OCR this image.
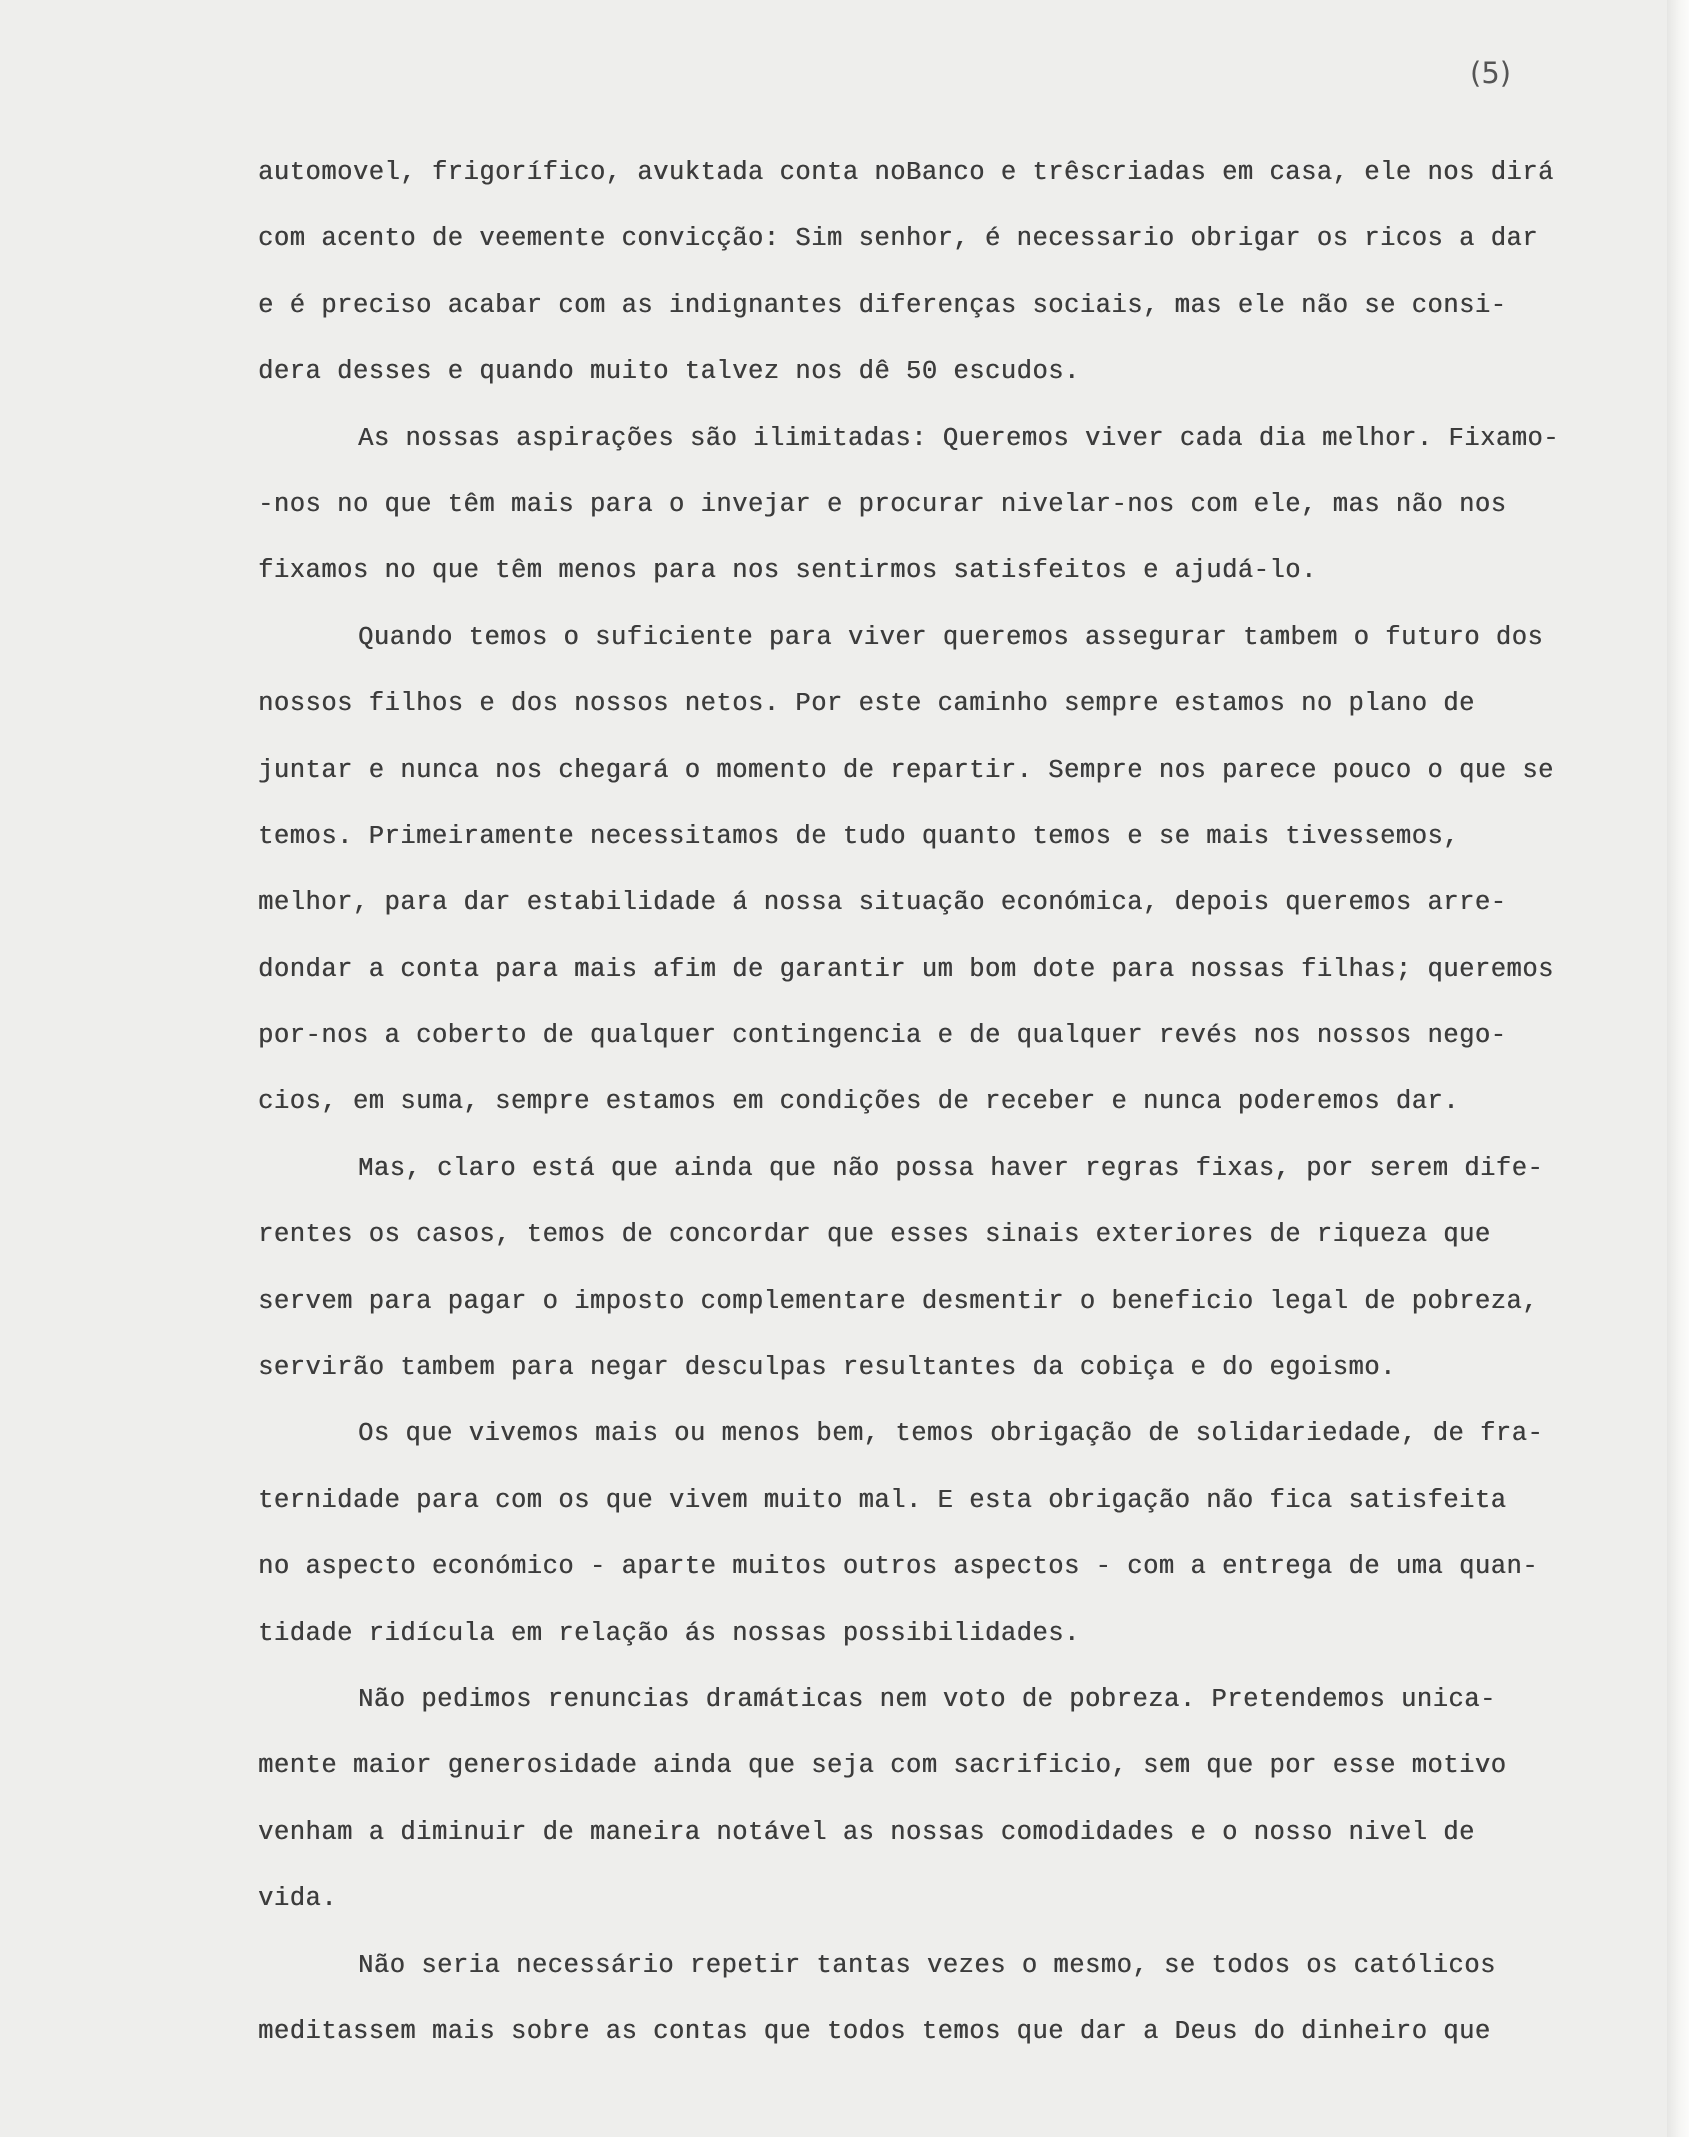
(5)
automovel, frigorífico, avuktada conta noBanco e trêscriadas em casa, ele nos dirá
com acento de veemente convicção: Sim senhor, é necessario obrigar os ricos a dar
e é preciso acabar com as indignantes diferenças sociais, mas ele não se consi-
dera desses e quando muito talvez nos dê 50 escudos.
As nossas aspirações são ilimitadas: Queremos viver cada dia melhor. Fixamo-
-nos no que têm mais para o invejar e procurar nivelar-nos com ele, mas não nos
fixamos no que têm menos para nos sentirmos satisfeitos e ajudá-lo.
Quando temos o suficiente para viver queremos assegurar tambem o futuro dos
nossos filhos e dos nossos netos. Por este caminho sempre estamos no plano de
juntar e nunca nos chegará o momento de repartir. Sempre nos parece pouco o que se
temos. Primeiramente necessitamos de tudo quanto temos e se mais tivessemos,
melhor, para dar estabilidade á nossa situação económica, depois queremos arre-
dondar a conta para mais afim de garantir um bom dote para nossas filhas; queremos
por-nos a coberto de qualquer contingencia e de qualquer revés nos nossos nego-
cios, em suma, sempre estamos em condições de receber e nunca poderemos dar.
Mas, claro está que ainda que não possa haver regras fixas, por serem dife-
rentes os casos, temos de concordar que esses sinais exteriores de riqueza que
servem para pagar o imposto complementare desmentir o beneficio legal de pobreza,
servirão tambem para negar desculpas resultantes da cobiça e do egoismo.
Os que vivemos mais ou menos bem, temos obrigação de solidariedade, de fra-
ternidade para com os que vivem muito mal. E esta obrigação não fica satisfeita
no aspecto económico - aparte muitos outros aspectos - com a entrega de uma quan-
tidade ridícula em relação ás nossas possibilidades.
Não pedimos renuncias dramáticas nem voto de pobreza. Pretendemos unica-
mente maior generosidade ainda que seja com sacrificio, sem que por esse motivo
venham a diminuir de maneira notável as nossas comodidades e o nosso nivel de
vida.
Não seria necessário repetir tantas vezes o mesmo, se todos os católicos
meditassem mais sobre as contas que todos temos que dar a Deus do dinheiro que
